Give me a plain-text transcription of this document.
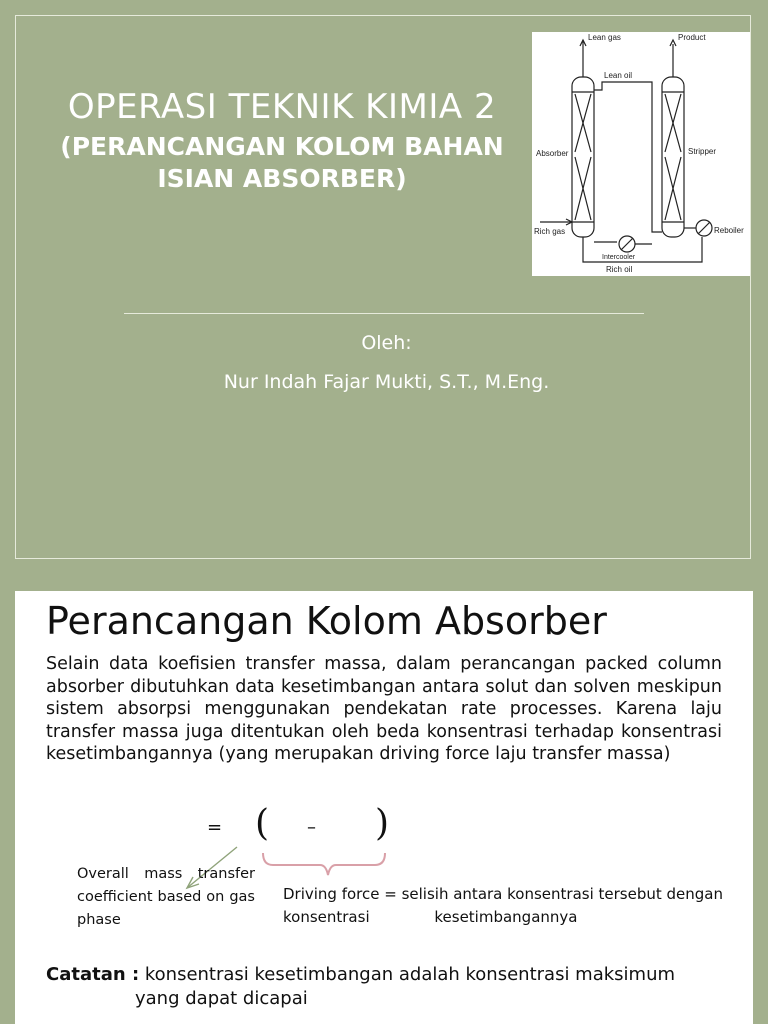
OPERASI TEKNIK KIMIA 2
(PERANCANGAN KOLOM BAHAN
ISIAN ABSORBER)
Lean gas	Product
Lean oil
Absorber	Stripper
Rich gas
Intercooler
Reboiler
Rich oil
Oleh:
Nur Indah Fajar Mukti, S.T., M.Eng.
Perancangan Kolom Absorber
Selain data koefisien transfer massa, dalam perancangan packed column absorber dibutuhkan data kesetimbangan antara solut dan solven meskipun sistem absorpsi menggunakan pendekatan rate processes. Karena laju transfer massa juga ditentukan oleh beda konsentrasi terhadap konsentrasi kesetimbangannya (yang merupakan driving force laju transfer massa)
= ( – )
Overall mass transfer coefficient based on gas phase
Driving force = selisih antara konsentrasi tersebut dengan
konsentrasi kesetimbangannya
Catatan : konsentrasi kesetimbangan adalah konsentrasi maksimum
yang dapat dicapai
